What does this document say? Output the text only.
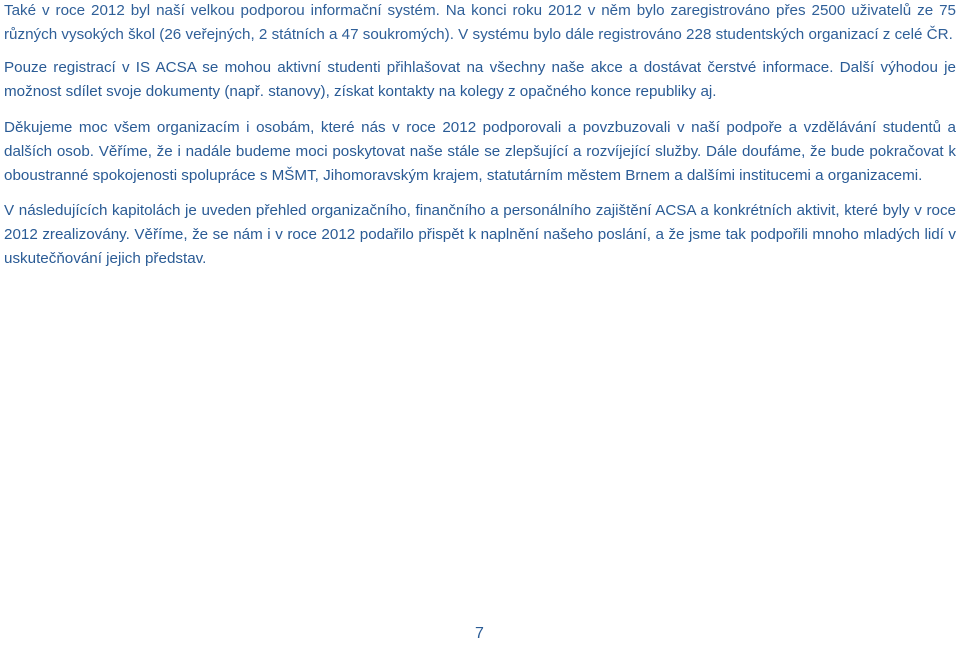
Také v roce 2012 byl naší velkou podporou informační systém. Na konci roku 2012 v něm bylo zaregistrováno přes 2500 uživatelů ze 75 různých vysokých škol (26 veřejných, 2 státních a 47 soukromých). V systému bylo dále registrováno 228 studentských organizací z celé ČR.

Pouze registrací v IS ACSA se mohou aktivní studenti přihlašovat na všechny naše akce a dostávat čerstvé informace. Další výhodou je možnost sdílet svoje dokumenty (např. stanovy), získat kontakty na kolegy z opačného konce republiky aj.

Děkujeme moc všem organizacím i osobám, které nás v roce 2012 podporovali a povzbuzovali v naší podpoře a vzdělávání studentů a dalších osob. Věříme, že i nadále budeme moci poskytovat naše stále se zlepšující a rozvíjející služby. Dále doufáme, že bude pokračovat k oboustranné spokojenosti spolupráce s MŠMT, Jihomoravským krajem, statutárním městem Brnem a dalšími institucemi a organizacemi.

V následujících kapitolách je uveden přehled organizačního, finančního a personálního zajištění ACSA a konkrétních aktivit, které byly v roce 2012 zrealizovány. Věříme, že se nám i v roce 2012 podařilo přispět k naplnění našeho poslání, a že jsme tak podpořili mnoho mladých lidí v uskutečňování jejich představ.

7
